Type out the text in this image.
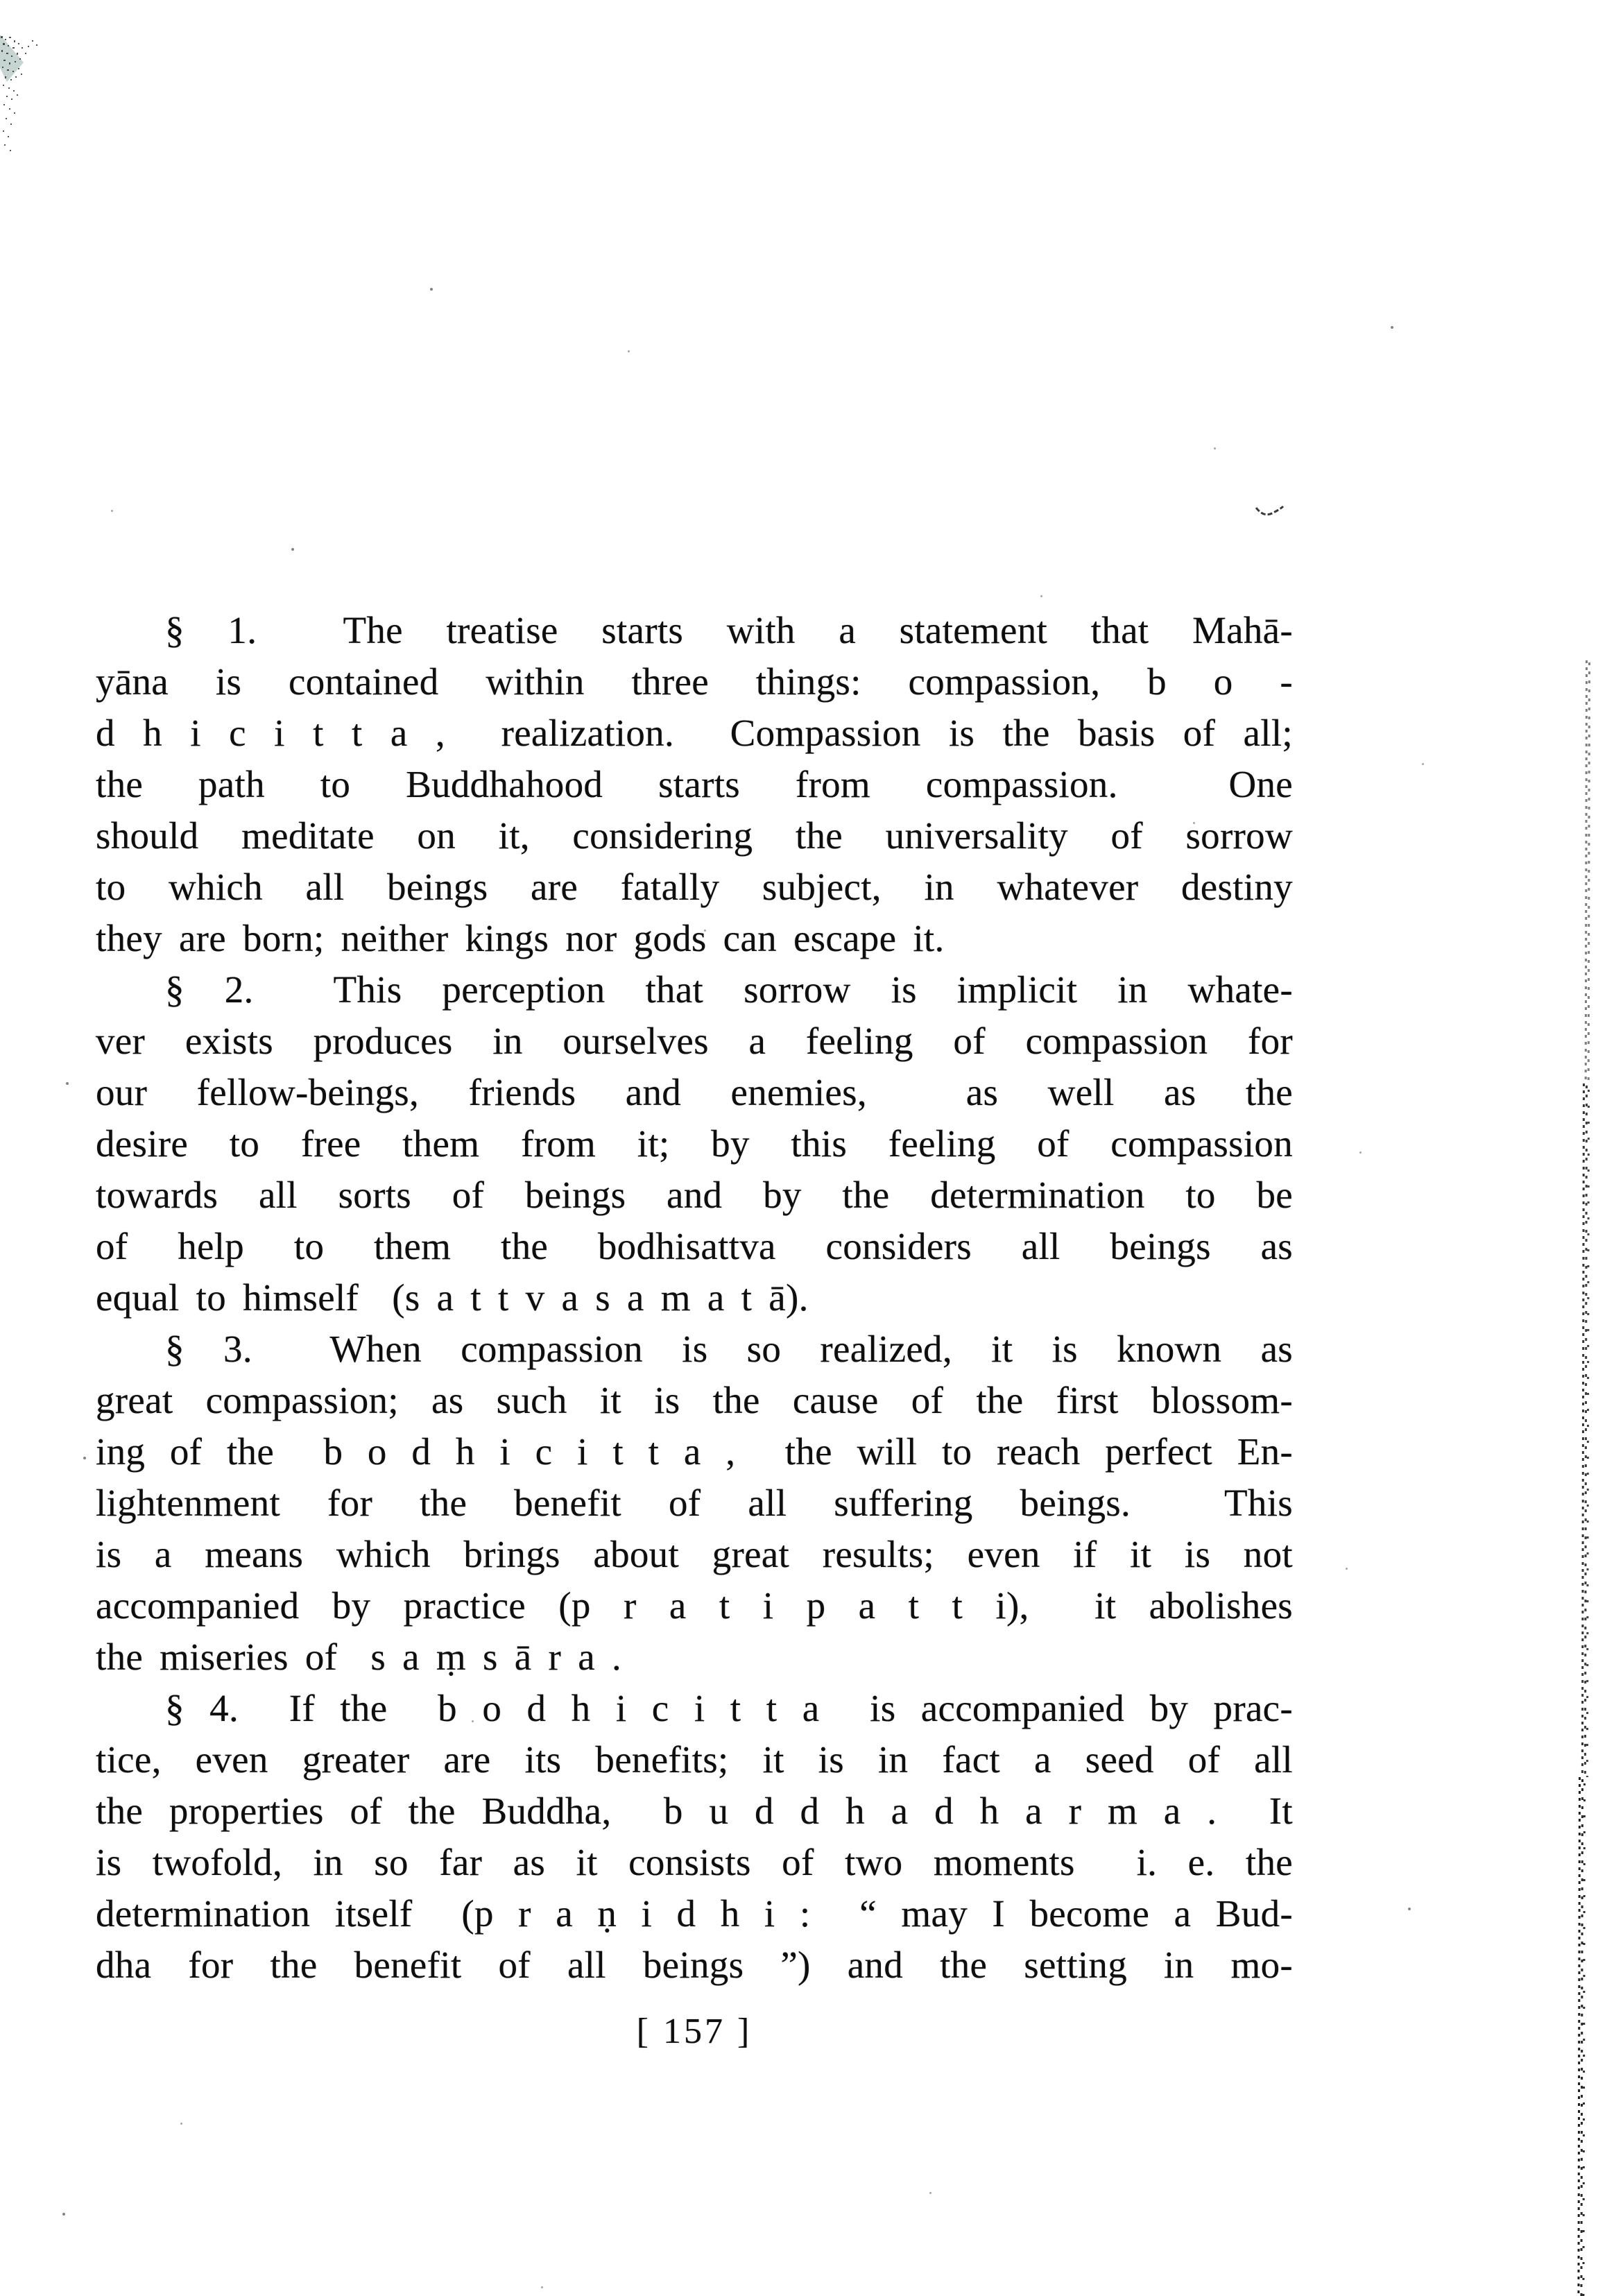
§ 1.  The treatise starts with a statement that Mahā-
yāna is contained within three things: compassion, b o -
d h i c i t t a ,  realization.  Compassion is the basis of all;
the path to Buddhahood starts from compassion.  One
should meditate on it, considering the universality of sorrow
to which all beings are fatally subject, in whatever destiny
they are born; neither kings nor gods can escape it.
§ 2.  This perception that sorrow is implicit in whate-
ver exists produces in ourselves a feeling of compassion for
our fellow-beings, friends and enemies,  as well as the
desire to free them from it; by this feeling of compassion
towards all sorts of beings and by the determination to be
of help to them the bodhisattva considers all beings as
equal to himself  (s a t t v a s a m a t ā).
§ 3.  When compassion is so realized, it is known as
great compassion; as such it is the cause of the first blossom-
ing of the  b o d h i c i t t a ,  the will to reach perfect En-
lightenment for the benefit of all suffering beings.  This
is a means which brings about great results; even if it is not
accompanied by practice (p r a t i p a t t i),  it abolishes
the miseries of  s a ṃ s ā r a .
§ 4.  If the  b o d h i c i t t a  is accompanied by prac-
tice, even greater are its benefits; it is in fact a seed of all
the properties of the Buddha,  b u d d h a d h a r m a .  It
is twofold, in so far as it consists of two moments  i. e. the
determination itself  (p r a ṇ i d h i :  “ may I become a Bud-
dha for the benefit of all beings ”) and the setting in mo-
[ 157 ]
